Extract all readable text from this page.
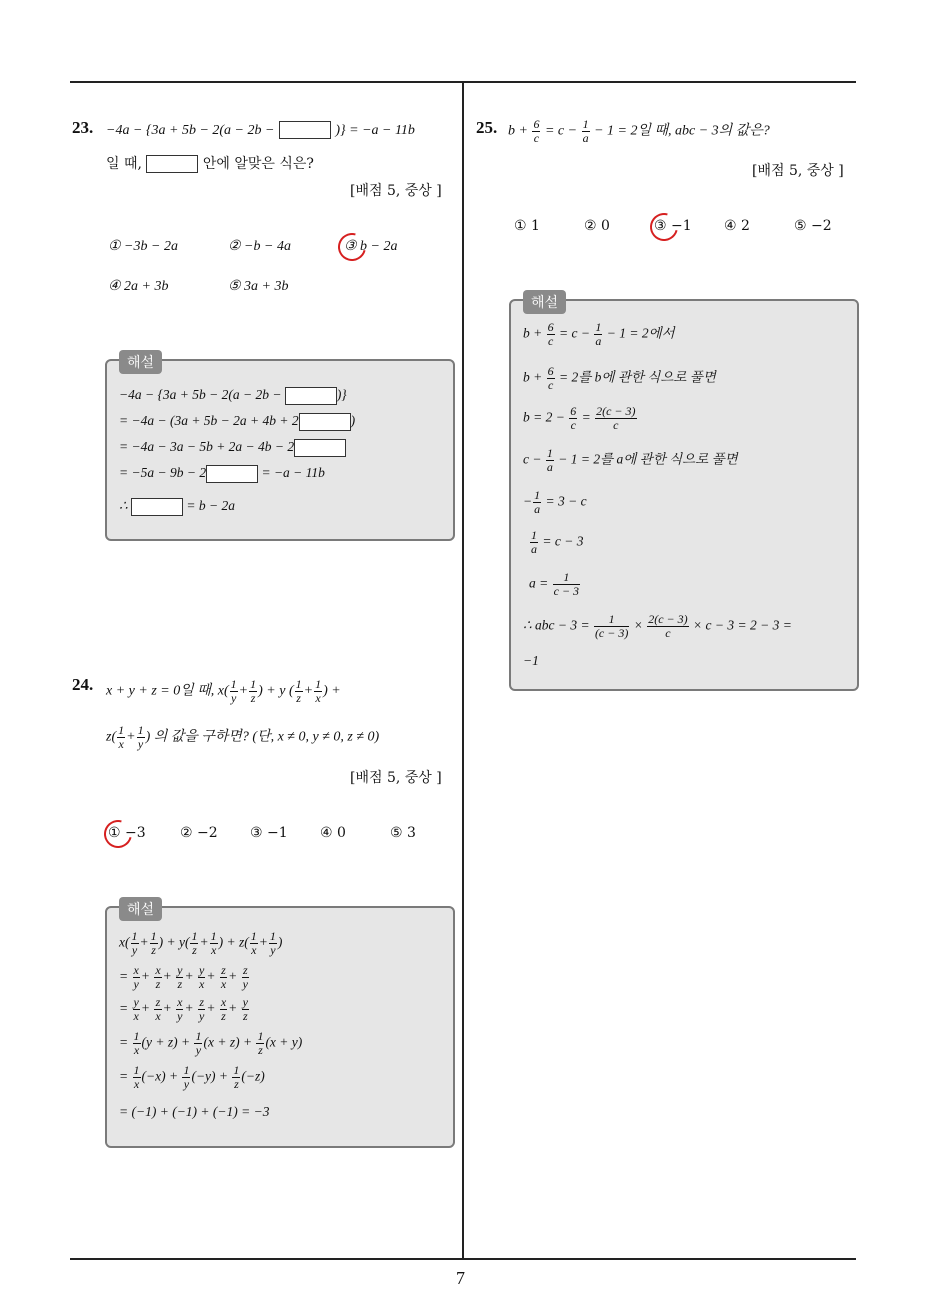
23. −4a − {3a + 5b − 2(a − 2b −	)} = −a − 11b
일 때,	안에 알맞은 식은?
[배점 5, 중상 ]
① −3b − 2a	② −b − 4a	③ b − 2a
④ 2a + 3b	⑤ 3a + 3b
해설
−4a − {3a + 5b − 2(a − 2b −	)}
= −4a − (3a + 5b − 2a + 4b + 2	)
= −4a − 3a − 5b + 2a − 4b − 2
= −5a − 9b − 2	= −a − 11b
∴	= b − 2a
24. x + y + z = 0일 때, $x( \frac{1}{y} + \frac{1}{z}$ ) + y ( $\frac{1}{z} + \frac{1}{x}$ ) +
$z( \frac{1}{x} + \frac{1}{y}$ ) 의 값을 구하면? (단, x ≠ 0, y ≠ 0, z ≠ 0)
[배점 5, 중상 ]
① −3 ② −2 ③ −1 ④ 0	⑤ 3
해설
$x( \frac{1}{y} + \frac{1}{z}$ ) + $y( \frac{1}{z} + \frac{1}{x}$ ) + $z( \frac{1}{x} + \frac{1}{y}$ )
= $\frac{x}{y} + \frac{x}{z} + \frac{y}{z} + \frac{y}{x} + \frac{z}{x} + \frac{z}{y}$
= $\frac{y}{x} + \frac{z}{x} + \frac{x}{y} + \frac{z}{y} + \frac{x}{z} + \frac{y}{z}$
= $\frac{1}{x} (y + z) + \frac{1}{y} (x + z) + \frac{1}{z} (x + y)$
= $\frac{1}{x} (-x) + \frac{1}{y} (-y) + \frac{1}{z} (-z)$
= (−1) + (−1) + (−1) = −3
25. $b + \frac{6}{c} = c - \frac{1}{a} - 1 = 2$일 때, abc − 3의 값은?
[배점 5, 중상 ]
① 1	② 0	③ −1 ④ 2	⑤ −2
해설
$b + \frac{6}{c} = c - \frac{1}{a} - 1 = 2$에서
$b + \frac{6}{c} = 2$를 b에 관한 식으로 풀면
$b = 2 - \frac{6}{c} = \frac{2(c - 3)}{c}$
$c - \frac{1}{a} - 1 = 2$를 a에 관한 식으로 풀면
− $\frac{1}{a} = 3 - c$
$\frac{1}{a} = c - 3$
$a = \frac{1}{c - 3}$
∴ abc − $3 = \frac{1}{(c - 3)} \times \frac{2(c - 3)}{c} \times c - 3 = 2 - 3$ =
−1
7
